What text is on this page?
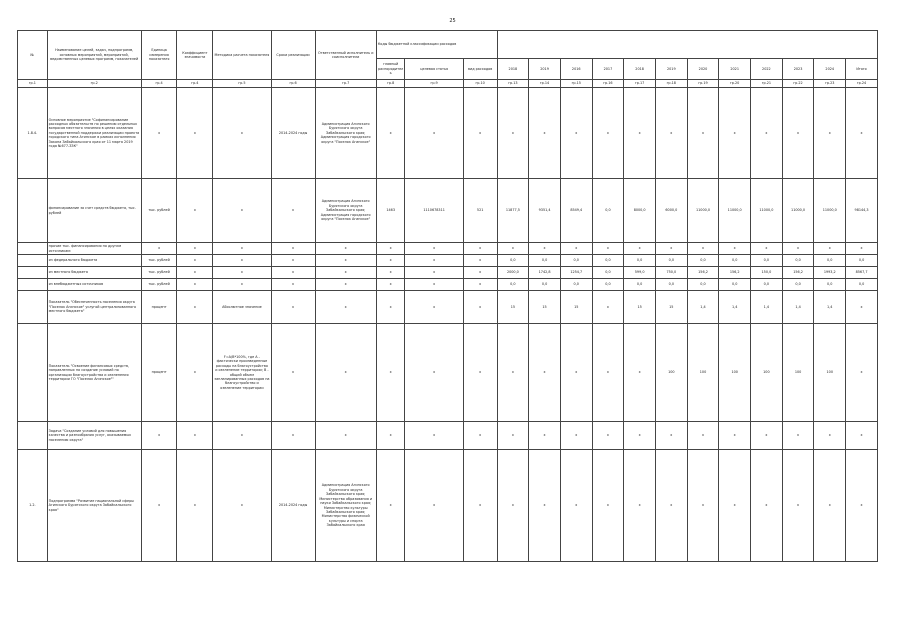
25
№	Наименование целей, задач, подпрограмм, основных мероприятий, мероприятий, ведомственных целевых программ, показателей	Единица измерения показателя	Коэффициент значимости	Методика расчета показателя	Сроки реализации	Ответственный исполнитель и соисполнители	Коды бюджетной классификации расходов														
							главный распорядитель	целевая статья	вид расходов	2018	2019	2016	2017	2018	2019	2020	2021	2022	2023	2024	Итого
гр.1	гр.2	гр.4	гр.4	гр.5	гр.6	гр.7	гр.8	гр.9	гр.10	гр.13	гр.14	гр.15	гр.16	гр.17	гр.18	гр.19	гр.20	гр.21	гр.22	гр.23	гр.24
1.8.4.	Основное мероприятие "Софинансирование расходных обязательств по решению отдельных вопросов местного значения в целях оказания государственной поддержки реализации проекта городского типа Агинское в рамках исполнения Закона Забайкальского края от 11 марта 2019 года №677-ЗЗК"	х	х	х	2014-2024 годы	Администрация Агинского Бурятского округа Забайкальского края; Администрация городского округа "Поселок Агинское"	х	х	х	х	х	х	х	х	х	х	х	х	х	х	х
	финансирование за счет средств бюджета, тыс. рублей	тыс. рублей	х	х	х	Администрация Агинского Бурятского округа Забайкальского края; Администрация городского округа "Поселок Агинское"	1463	1110678311	521	11877,5	9351,4	8549,4	0,0	8000,0	6000,0	11000,0	11000,0	11000,0	11000,0	11000,0	98144,3
	прочие тыс. финансирования по другим источникам:	х	х	х	х	х	х	х	х	х	х	х	х	х	х	х	х	х	х	х	х
	из федерального бюджета	тыс. рублей	х	х	х	х	х	х	х	0,0	0,0	0,0	0,0	0,0	0,0	0,0	0,0	0,0	0,0	0,0	0,0
	из местного бюджета	тыс. рублей	х	х	х	х	х	х	х	2000,0	1742,8	1254,7	0,0	599,0	750,0	156,2	156,2	150,0	156,2	1993,2	8567,7
	из внебюджетных источников	тыс. рублей	х	х	х	х	х	х	х	0,0	0,0	0,0	0,0	0,0	0,0	0,0	0,0	0,0	0,0	0,0	0,0
	Показатель "Обеспеченность населения округа "Поселок Агинское" услугой централизованного местного бюджета"	процент	х	Абсолютное значение	х	х	х	х	х	15	15	15	х	15	15	1,4	1,4	1,4	1,4	1,4	х
	Показатель "Освоение финансовых средств, направленных на создание условий по организации благоустройства и озеленения территории ГО "Поселок Агинское""	процент	х	F=A/B*100%, где А - фактически произведенные расходы на благоустройство и озеленение территории; В - общий объем запланированных расходов на благоустройство и озеленение территории	х	х	х	х	х	х	х	х	х	х	100	100	100	100	100	100	х
	Задача "Создание условий для повышения качества и разнообразия услуг, оказываемых населению округа"	х	х	х	х	х	х	х	х	х	х	х	х	х	х	х	х	х	х	х	х
1.2.	Подпрограмма "Развитие национальной сферы Агинского Бурятского округа Забайкальского края"	х	х	х	2014-2024 годы	Администрация Агинского Бурятского округа Забайкальского края; Министерство образования и науки Забайкальского края; Министерство культуры Забайкальского края; Министерство физической культуры и спорта Забайкальского края	х	х	х	х	х	х	х	х	х	х	х	х	х	х	х
